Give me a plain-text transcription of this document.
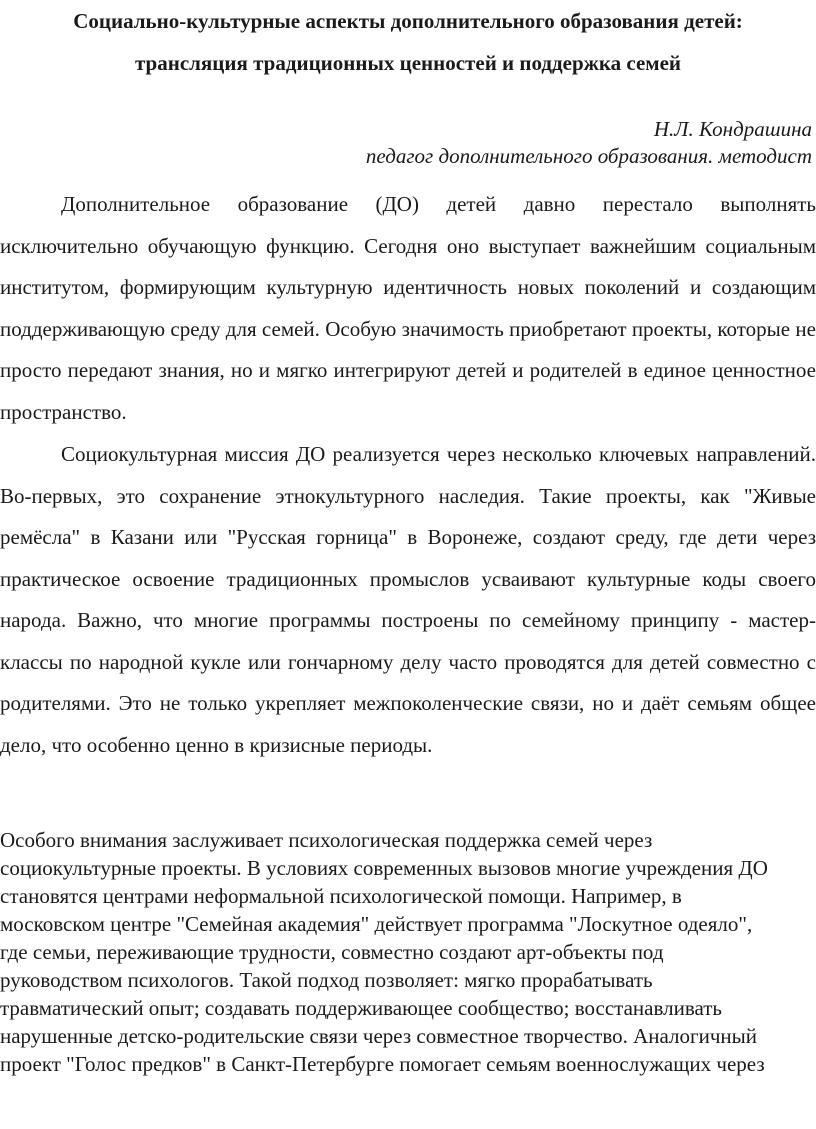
Социально-культурные аспекты дополнительного образования детей:
трансляция традиционных ценностей и поддержка семей
Н.Л. Кондрашина
педагог дополнительного образования. методист

Дополнительное образование (ДО) детей давно перестало выполнять исключительно обучающую функцию. Сегодня оно выступает важнейшим социальным институтом, формирующим культурную идентичность новых поколений и создающим поддерживающую среду для семей. Особую значимость приобретают проекты, которые не просто передают знания, но и мягко интегрируют детей и родителей в единое ценностное пространство.

Социокультурная миссия ДО реализуется через несколько ключевых направлений. Во-первых, это сохранение этнокультурного наследия. Такие проекты, как "Живые ремёсла" в Казани или "Русская горница" в Воронеже, создают среду, где дети через практическое освоение традиционных промыслов усваивают культурные коды своего народа. Важно, что многие программы построены по семейному принципу - мастер-классы по народной кукле или гончарному делу часто проводятся для детей совместно с родителями. Это не только укрепляет межпоколенческие связи, но и даёт семьям общее дело, что особенно ценно в кризисные периоды.

Особого внимания заслуживает психологическая поддержка семей через социокультурные проекты. В условиях современных вызовов многие учреждения ДО становятся центрами неформальной психологической помощи. Например, в московском центре "Семейная академия" действует программа "Лоскутное одеяло", где семьи, переживающие трудности, совместно создают арт-объекты под руководством психологов. Такой подход позволяет: мягко прорабатывать травматический опыт; создавать поддерживающее сообщество; восстанавливать нарушенные детско-родительские связи через совместное творчество. Аналогичный проект "Голос предков" в Санкт-Петербурге помогает семьям военнослужащих через
